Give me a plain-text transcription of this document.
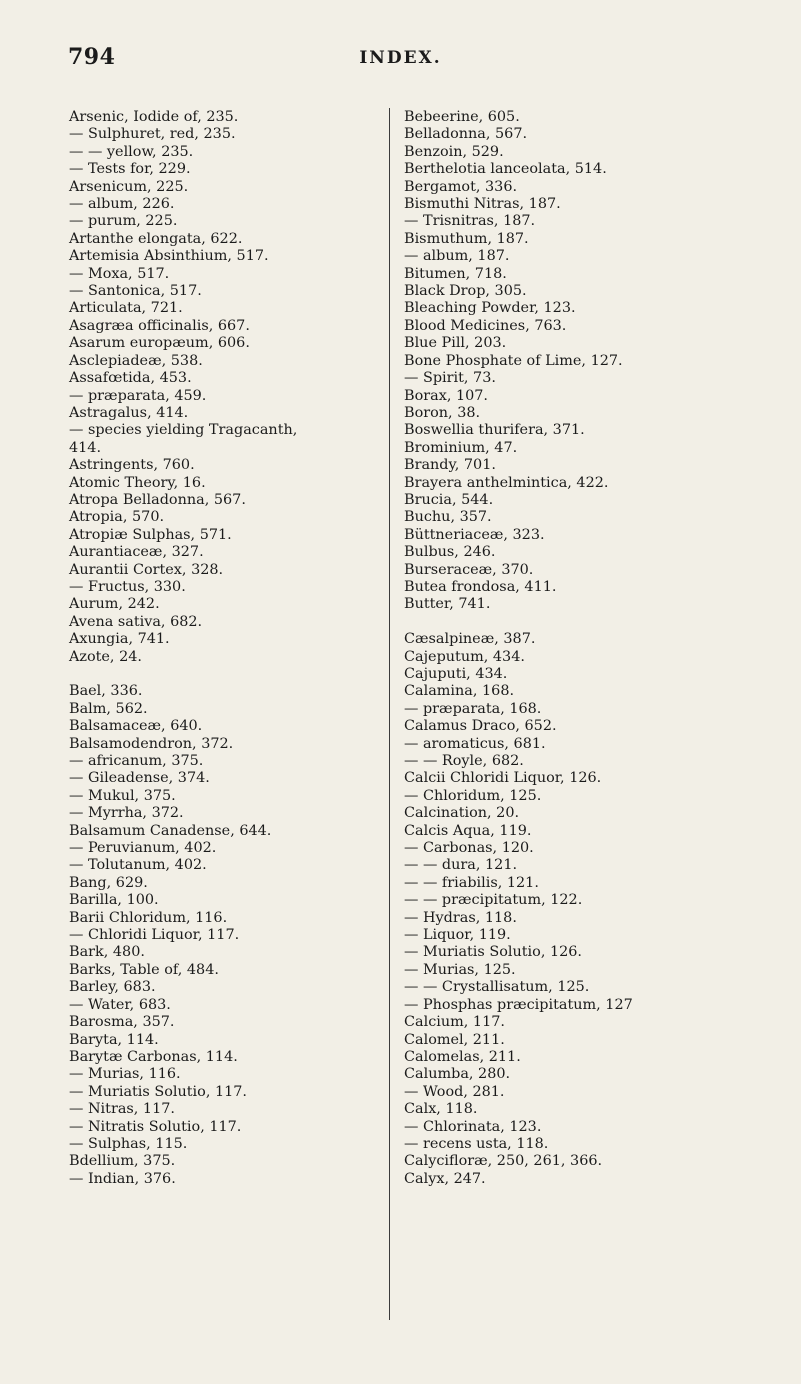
794	INDEX.
Arsenic, Iodide of, 235.
— Sulphuret, red, 235.
— — yellow, 235.
— Tests for, 229.
Arsenicum, 225.
— album, 226.
— purum, 225.
Artanthe elongata, 622.
Artemisia Absinthium, 517.
— Moxa, 517.
— Santonica, 517.
Articulata, 721.
Asagræa officinalis, 667.
Asarum europæum, 606.
Asclepiadeæ, 538.
Assafœtida, 453.
— præparata, 459.
Astragalus, 414.
— species yielding Tragacanth,
414.
Astringents, 760.
Atomic Theory, 16.
Atropa Belladonna, 567.
Atropia, 570.
Atropiæ Sulphas, 571.
Aurantiaceæ, 327.
Aurantii Cortex, 328.
— Fructus, 330.
Aurum, 242.
Avena sativa, 682.
Axungia, 741.
Azote, 24.
Bael, 336.
Balm, 562.
Balsamaceæ, 640.
Balsamodendron, 372.
— africanum, 375.
— Gileadense, 374.
— Mukul, 375.
— Myrrha, 372.
Balsamum Canadense, 644.
— Peruvianum, 402.
— Tolutanum, 402.
Bang, 629.
Barilla, 100.
Barii Chloridum, 116.
— Chloridi Liquor, 117.
Bark, 480.
Barks, Table of, 484.
Barley, 683.
— Water, 683.
Barosma, 357.
Baryta, 114.
Barytæ Carbonas, 114.
— Murias, 116.
— Muriatis Solutio, 117.
— Nitras, 117.
— Nitratis Solutio, 117.
— Sulphas, 115.
Bdellium, 375.
— Indian, 376.
Bebeerine, 605.
Belladonna, 567.
Benzoin, 529.
Berthelotia lanceolata, 514.
Bergamot, 336.
Bismuthi Nitras, 187.
— Trisnitras, 187.
Bismuthum, 187.
— album, 187.
Bitumen, 718.
Black Drop, 305.
Bleaching Powder, 123.
Blood Medicines, 763.
Blue Pill, 203.
Bone Phosphate of Lime, 127.
— Spirit, 73.
Borax, 107.
Boron, 38.
Boswellia thurifera, 371.
Brominium, 47.
Brandy, 701.
Brayera anthelmintica, 422.
Brucia, 544.
Buchu, 357.
Büttneriaceæ, 323.
Bulbus, 246.
Burseraceæ, 370.
Butea frondosa, 411.
Butter, 741.
Cæsalpineæ, 387.
Cajeputum, 434.
Cajuputi, 434.
Calamina, 168.
— præparata, 168.
Calamus Draco, 652.
— aromaticus, 681.
— — Royle, 682.
Calcii Chloridi Liquor, 126.
— Chloridum, 125.
Calcination, 20.
Calcis Aqua, 119.
— Carbonas, 120.
— — dura, 121.
— — friabilis, 121.
— — præcipitatum, 122.
— Hydras, 118.
— Liquor, 119.
— Muriatis Solutio, 126.
— Murias, 125.
— — Crystallisatum, 125.
— Phosphas præcipitatum, 127
Calcium, 117.
Calomel, 211.
Calomelas, 211.
Calumba, 280.
— Wood, 281.
Calx, 118.
— Chlorinata, 123.
— recens usta, 118.
Calycifloræ, 250, 261, 366.
Calyx, 247.
